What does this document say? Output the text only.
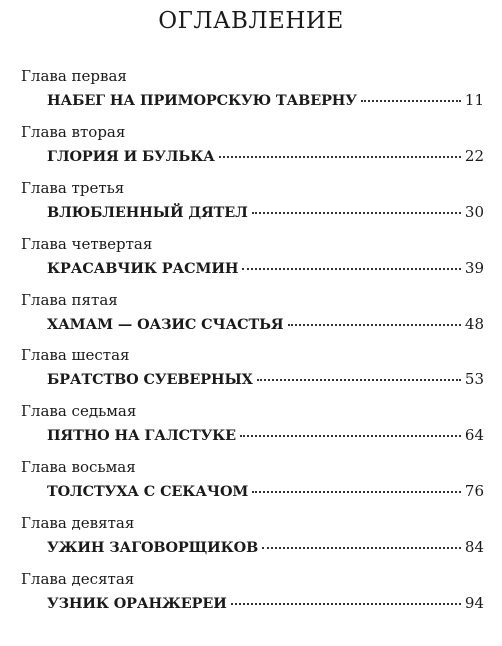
ОГЛАВЛЕНИЕ
Глава первая
НАБЕГ НА ПРИМОРСКУЮ ТАВЕРНУ	11
Глава вторая
ГЛОРИЯ И БУЛЬКА	22
Глава третья
ВЛЮБЛЕННЫЙ ДЯТЕЛ	30
Глава четвертая
КРАСАВЧИК РАСМИН	39
Глава пятая
ХАМАМ — ОАЗИС СЧАСТЬЯ	48
Глава шестая
БРАТСТВО СУЕВЕРНЫХ	53
Глава седьмая
ПЯТНО НА ГАЛСТУКЕ	64
Глава восьмая
ТОЛСТУХА С СЕКАЧОМ	76
Глава девятая
УЖИН ЗАГОВОРЩИКОВ	84
Глава десятая
УЗНИК ОРАНЖЕРЕИ	94
